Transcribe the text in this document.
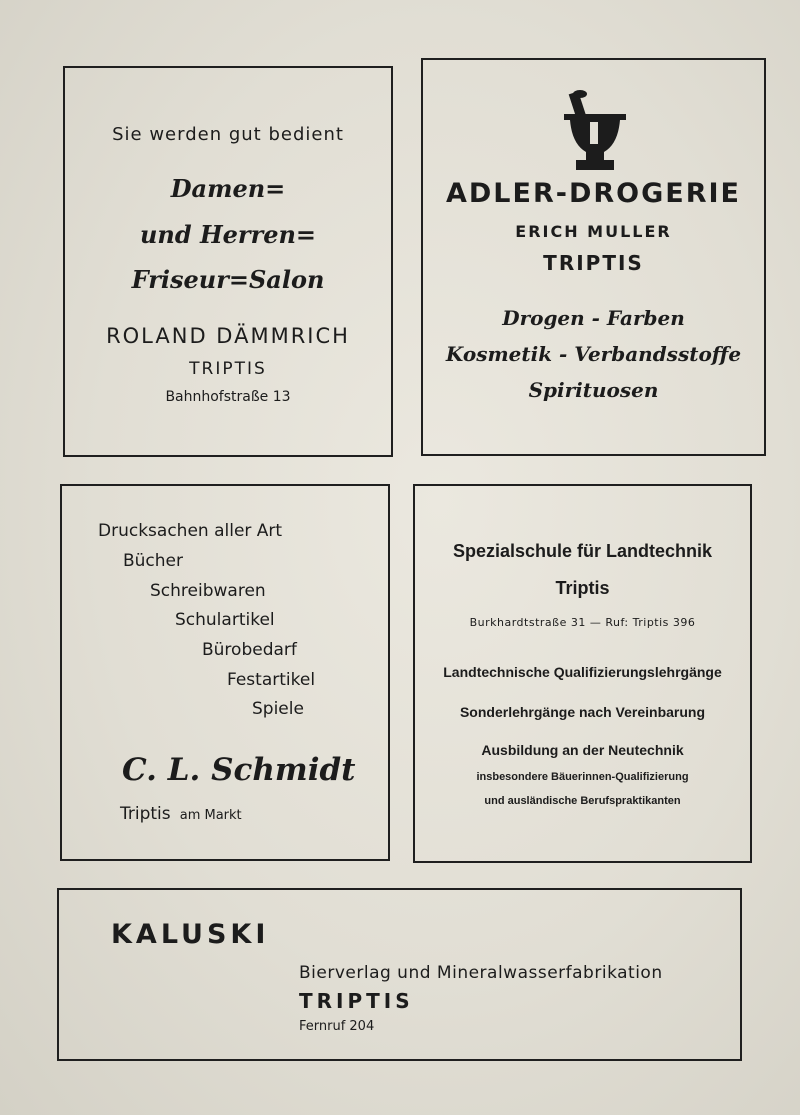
Sie werden gut bedient
Damen=
und Herren=
Friseur=Salon
ROLAND DÄMMRICH
TRIPTIS
Bahnhofstraße 13
ADLER-DROGERIE
ERICH MULLER
TRIPTIS
Drogen - Farben
Kosmetik - Verbandsstoffe
Spirituosen
Drucksachen aller Art
Bücher
Schreibwaren
Schulartikel
Bürobedarf
Festartikel
Spiele
C. L. Schmidt
Triptis am Markt
Spezialschule für Landtechnik
Triptis
Burkhardtstraße 31 — Ruf: Triptis 396
Landtechnische Qualifizierungslehrgänge
Sonderlehrgänge nach Vereinbarung
Ausbildung an der Neutechnik
insbesondere Bäuerinnen-Qualifizierung
und ausländische Berufspraktikanten
KALUSKI
Bierverlag und Mineralwasserfabrikation
TRIPTIS
Fernruf 204
